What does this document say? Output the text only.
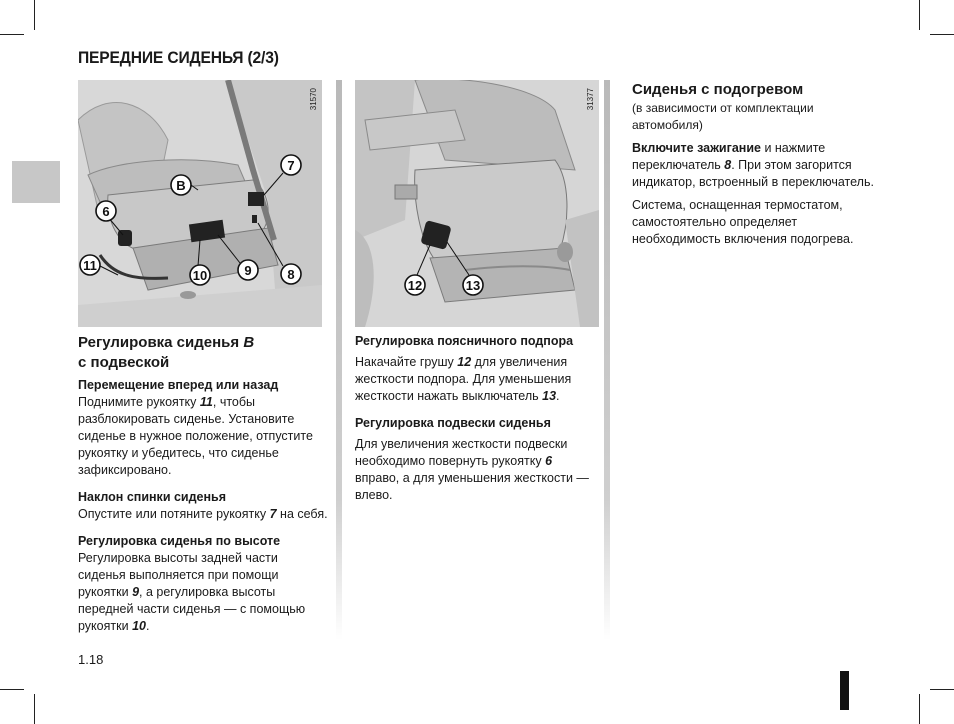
ПЕРЕДНИЕ СИДЕНЬЯ (2/3)
B
6
7
8
9
10
11
31570
12	13
31377
Регулировка сиденья B
с подвеской

Перемещение вперед или назад

Поднимите рукоятку 11, чтобы разблокировать сиденье. Установите сиденье в нужное положение, отпустите рукоятку и убедитесь, что сиденье зафиксировано.

Наклон спинки сиденья

Опустите или потяните рукоятку 7 на себя.

Регулировка сиденья по высоте

Регулировка высоты задней части сиденья выполняется при помощи рукоятки 9, а регулировка высоты передней части сиденья — с помощью рукоятки 10.

Регулировка поясничного подпора

Накачайте грушу 12 для увеличения жесткости подпора. Для уменьшения жесткости нажать выключатель 13.

Регулировка подвески сиденья

Для увеличения жесткости подвески необходимо повернуть рукоятку 6 вправо, а для уменьшения жесткости — влево.

Сиденья с подогревом

(в зависимости от комплектации автомобиля)

Включите зажигание и нажмите переключатель 8. При этом загорится индикатор, встроенный в переключатель.

Система, оснащенная термостатом, самостоятельно определяет необходимость включения подогрева.

1.18
